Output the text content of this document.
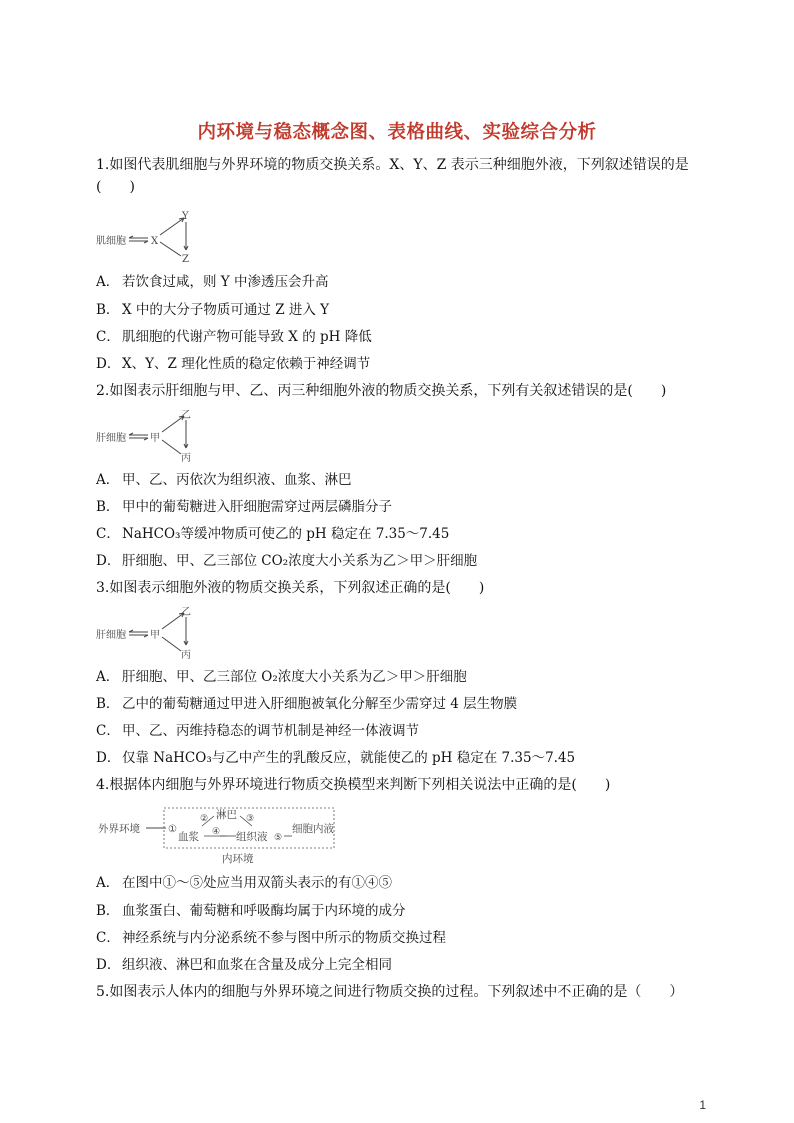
内环境与稳态概念图、表格曲线、实验综合分析
1.如图代表肌细胞与外界环境的物质交换关系。X、Y、Z 表示三种细胞外液，下列叙述错误的是(　　)
肌细胞	X
Y
Z
A． 若饮食过咸，则 Y 中渗透压会升高
B． X 中的大分子物质可通过 Z 进入 Y
C． 肌细胞的代谢产物可能导致 X 的 pH 降低
D． X、Y、Z 理化性质的稳定依赖于神经调节
2.如图表示肝细胞与甲、乙、丙三种细胞外液的物质交换关系，下列有关叙述错误的是(　　)
肝细胞 甲
乙
丙
A． 甲、乙、丙依次为组织液、血浆、淋巴
B． 甲中的葡萄糖进入肝细胞需穿过两层磷脂分子
C． NaHCO₃等缓冲物质可使乙的 pH 稳定在 7.35～7.45
D． 肝细胞、甲、乙三部位 CO₂浓度大小关系为乙＞甲＞肝细胞
3.如图表示细胞外液的物质交换关系，下列叙述正确的是(　　)
肝细胞 甲
乙
丙
A． 肝细胞、甲、乙三部位 O₂浓度大小关系为乙＞甲＞肝细胞
B． 乙中的葡萄糖通过甲进入肝细胞被氧化分解至少需穿过 4 层生物膜
C． 甲、乙、丙维持稳态的调节机制是神经一体液调节
D． 仅靠 NaHCO₃与乙中产生的乳酸反应，就能使乙的 pH 稳定在 7.35～7.45
4.根据体内细胞与外界环境进行物质交换模型来判断下列相关说法中正确的是(　　)
外界环境	①
淋巴
②	③
血浆 ④ 组织液 ⑤
细胞内液
内环境
A． 在图中①～⑤处应当用双箭头表示的有①④⑤
B． 血浆蛋白、葡萄糖和呼吸酶均属于内环境的成分
C． 神经系统与内分泌系统不参与图中所示的物质交换过程
D． 组织液、淋巴和血浆在含量及成分上完全相同
5.如图表示人体内的细胞与外界环境之间进行物质交换的过程。下列叙述中不正确的是（　　）
1
